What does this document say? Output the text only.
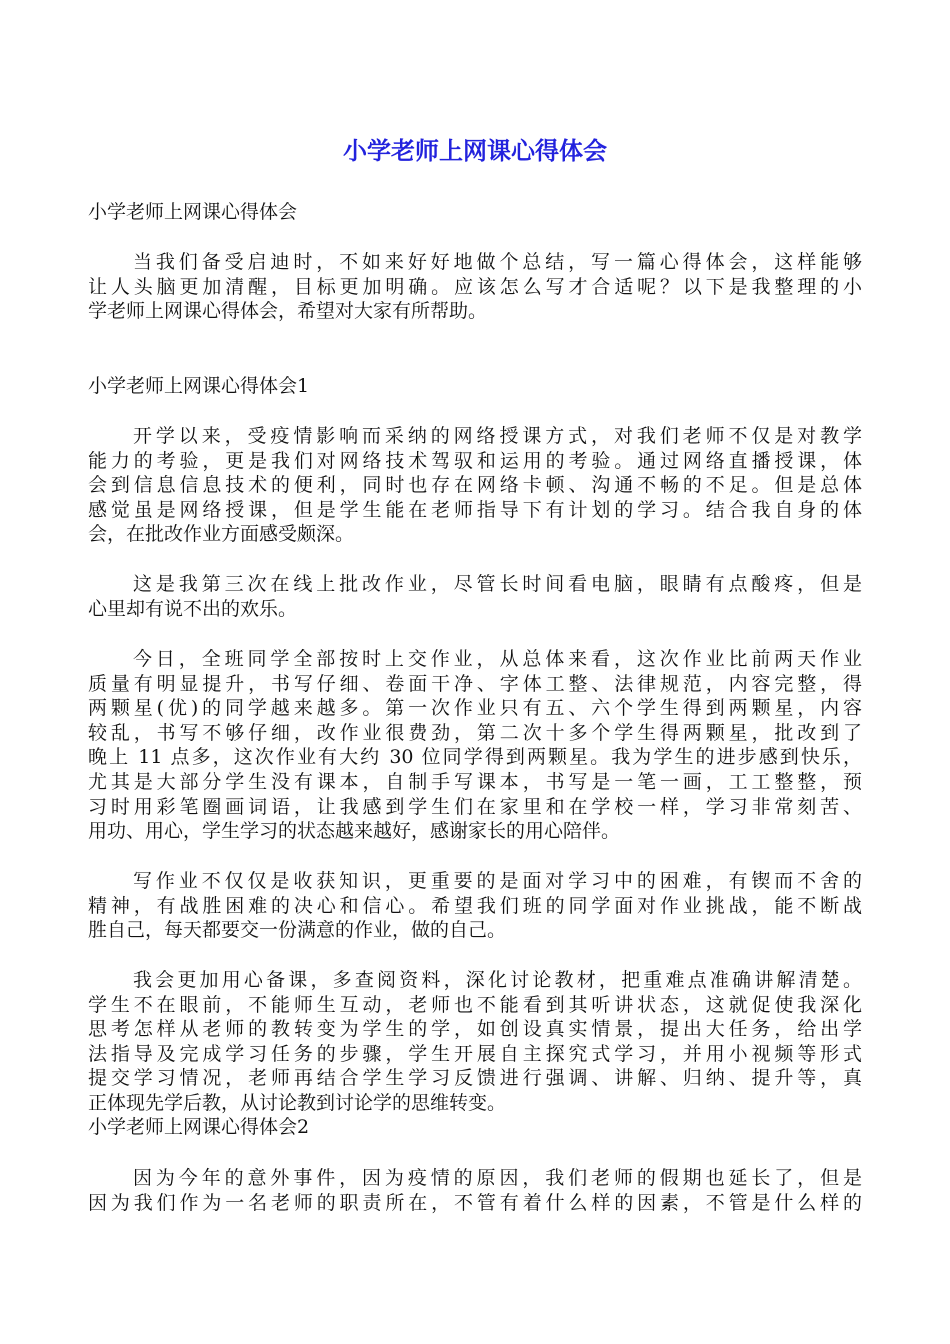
小学老师上网课心得体会
小学老师上网课心得体会
当我们备受启迪时，不如来好好地做个总结，写一篇心得体会，这样能够
让人头脑更加清醒，目标更加明确。应该怎么写才合适呢？以下是我整理的小
学老师上网课心得体会，希望对大家有所帮助。
小学老师上网课心得体会1
开学以来，受疫情影响而采纳的网络授课方式，对我们老师不仅是对教学
能力的考验，更是我们对网络技术驾驭和运用的考验。通过网络直播授课，体
会到信息信息技术的便利，同时也存在网络卡顿、沟通不畅的不足。但是总体
感觉虽是网络授课，但是学生能在老师指导下有计划的学习。结合我自身的体
会，在批改作业方面感受颇深。
这是我第三次在线上批改作业，尽管长时间看电脑，眼睛有点酸疼，但是
心里却有说不出的欢乐。
今日，全班同学全部按时上交作业，从总体来看，这次作业比前两天作业
质量有明显提升，书写仔细、卷面干净、字体工整、法律规范，内容完整，得
两颗星(优)的同学越来越多。第一次作业只有五、六个学生得到两颗星，内容
较乱，书写不够仔细，改作业很费劲，第二次十多个学生得两颗星，批改到了
晚上 11 点多，这次作业有大约 30 位同学得到两颗星。我为学生的进步感到快乐，
尤其是大部分学生没有课本，自制手写课本，书写是一笔一画，工工整整，预
习时用彩笔圈画词语，让我感到学生们在家里和在学校一样，学习非常刻苦、
用功、用心，学生学习的状态越来越好，感谢家长的用心陪伴。
写作业不仅仅是收获知识，更重要的是面对学习中的困难，有锲而不舍的
精神，有战胜困难的决心和信心。希望我们班的同学面对作业挑战，能不断战
胜自己，每天都要交一份满意的作业，做的自己。
我会更加用心备课，多查阅资料，深化讨论教材，把重难点准确讲解清楚。
学生不在眼前，不能师生互动，老师也不能看到其听讲状态，这就促使我深化
思考怎样从老师的教转变为学生的学，如创设真实情景，提出大任务，给出学
法指导及完成学习任务的步骤，学生开展自主探究式学习，并用小视频等形式
提交学习情况，老师再结合学生学习反馈进行强调、讲解、归纳、提升等，真
正体现先学后教，从讨论教到讨论学的思维转变。
小学老师上网课心得体会2
因为今年的意外事件，因为疫情的原因，我们老师的假期也延长了，但是
因为我们作为一名老师的职责所在，不管有着什么样的因素，不管是什么样的
